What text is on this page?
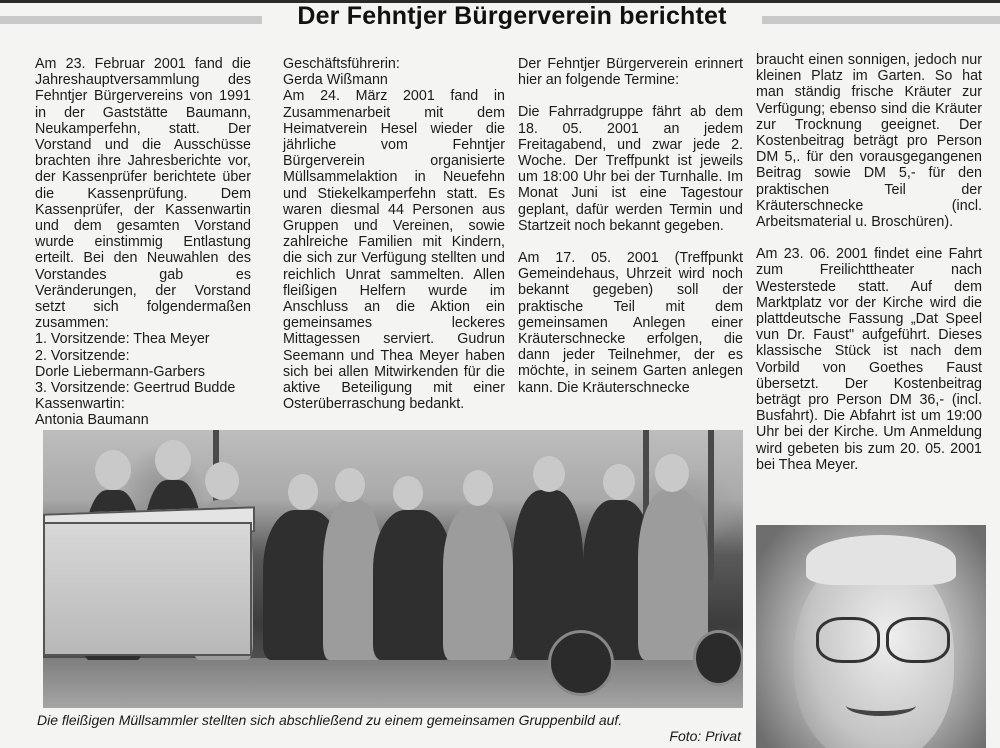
Der Fehntjer Bürgerverein berichtet

Am 23. Februar 2001 fand die Jahreshauptversammlung des Fehntjer Bürgervereins von 1991 in der Gaststätte Baumann, Neukamperfehn, statt. Der Vorstand und die Ausschüsse brachten ihre Jahresberichte vor, der Kassenprüfer berichtete über die Kassenprüfung. Dem Kassenprüfer, der Kassenwartin und dem gesamten Vorstand wurde einstimmig Entlastung erteilt. Bei den Neuwahlen des Vorstandes gab es Veränderungen, der Vorstand setzt sich folgendermaßen zusammen:

1. Vorsitzende: Thea Meyer

2. Vorsitzende:

Dorle Liebermann-Garbers

3. Vorsitzende: Geertrud Budde

Kassenwartin:

Antonia Baumann

Geschäftsführerin:

Gerda Wißmann

Am 24. März 2001 fand in Zusammenarbeit mit dem Heimatverein Hesel wieder die jährliche vom Fehntjer Bürgerverein organisierte Müllsammelaktion in Neuefehn und Stiekelkamperfehn statt. Es waren diesmal 44 Personen aus Gruppen und Vereinen, sowie zahlreiche Familien mit Kindern, die sich zur Verfügung stellten und reichlich Unrat sammelten. Allen fleißigen Helfern wurde im Anschluss an die Aktion ein gemeinsames leckeres Mittagessen serviert. Gudrun Seemann und Thea Meyer haben sich bei allen Mitwirkenden für die aktive Beteiligung mit einer Osterüberraschung bedankt.

Der Fehntjer Bürgerverein erinnert hier an folgende Termine:

Die Fahrradgruppe fährt ab dem 18. 05. 2001 an jedem Freitagabend, und zwar jede 2. Woche. Der Treffpunkt ist jeweils um 18:00 Uhr bei der Turnhalle. Im Monat Juni ist eine Tagestour geplant, dafür werden Termin und Startzeit noch bekannt gegeben.

Am 17. 05. 2001 (Treffpunkt Gemeindehaus, Uhrzeit wird noch bekannt gegeben) soll der praktische Teil mit dem gemeinsamen Anlegen einer Kräuterschnecke erfolgen, die dann jeder Teilnehmer, der es möchte, in seinem Garten anlegen kann. Die Kräuterschnecke

braucht einen sonnigen, jedoch nur kleinen Platz im Garten. So hat man ständig frische Kräuter zur Verfügung; ebenso sind die Kräuter zur Trocknung geeignet. Der Kostenbeitrag beträgt pro Person DM 5,. für den vorausgegangenen Beitrag sowie DM 5,- für den praktischen Teil der Kräuterschnecke (incl. Arbeitsmaterial u. Broschüren).

Am 23. 06. 2001 findet eine Fahrt zum Freilichttheater nach Westerstede statt. Auf dem Marktplatz vor der Kirche wird die plattdeutsche Fassung „Dat Speel vun Dr. Faust" aufgeführt. Dieses klassische Stück ist nach dem Vorbild von Goethes Faust übersetzt. Der Kostenbeitrag beträgt pro Person DM 36,- (incl. Busfahrt). Die Abfahrt ist um 19:00 Uhr bei der Kirche. Um Anmeldung wird gebeten bis zum 20. 05. 2001 bei Thea Meyer.

Die fleißigen Müllsammler stellten sich abschließend zu einem gemeinsamen Gruppenbild auf.

Foto: Privat
